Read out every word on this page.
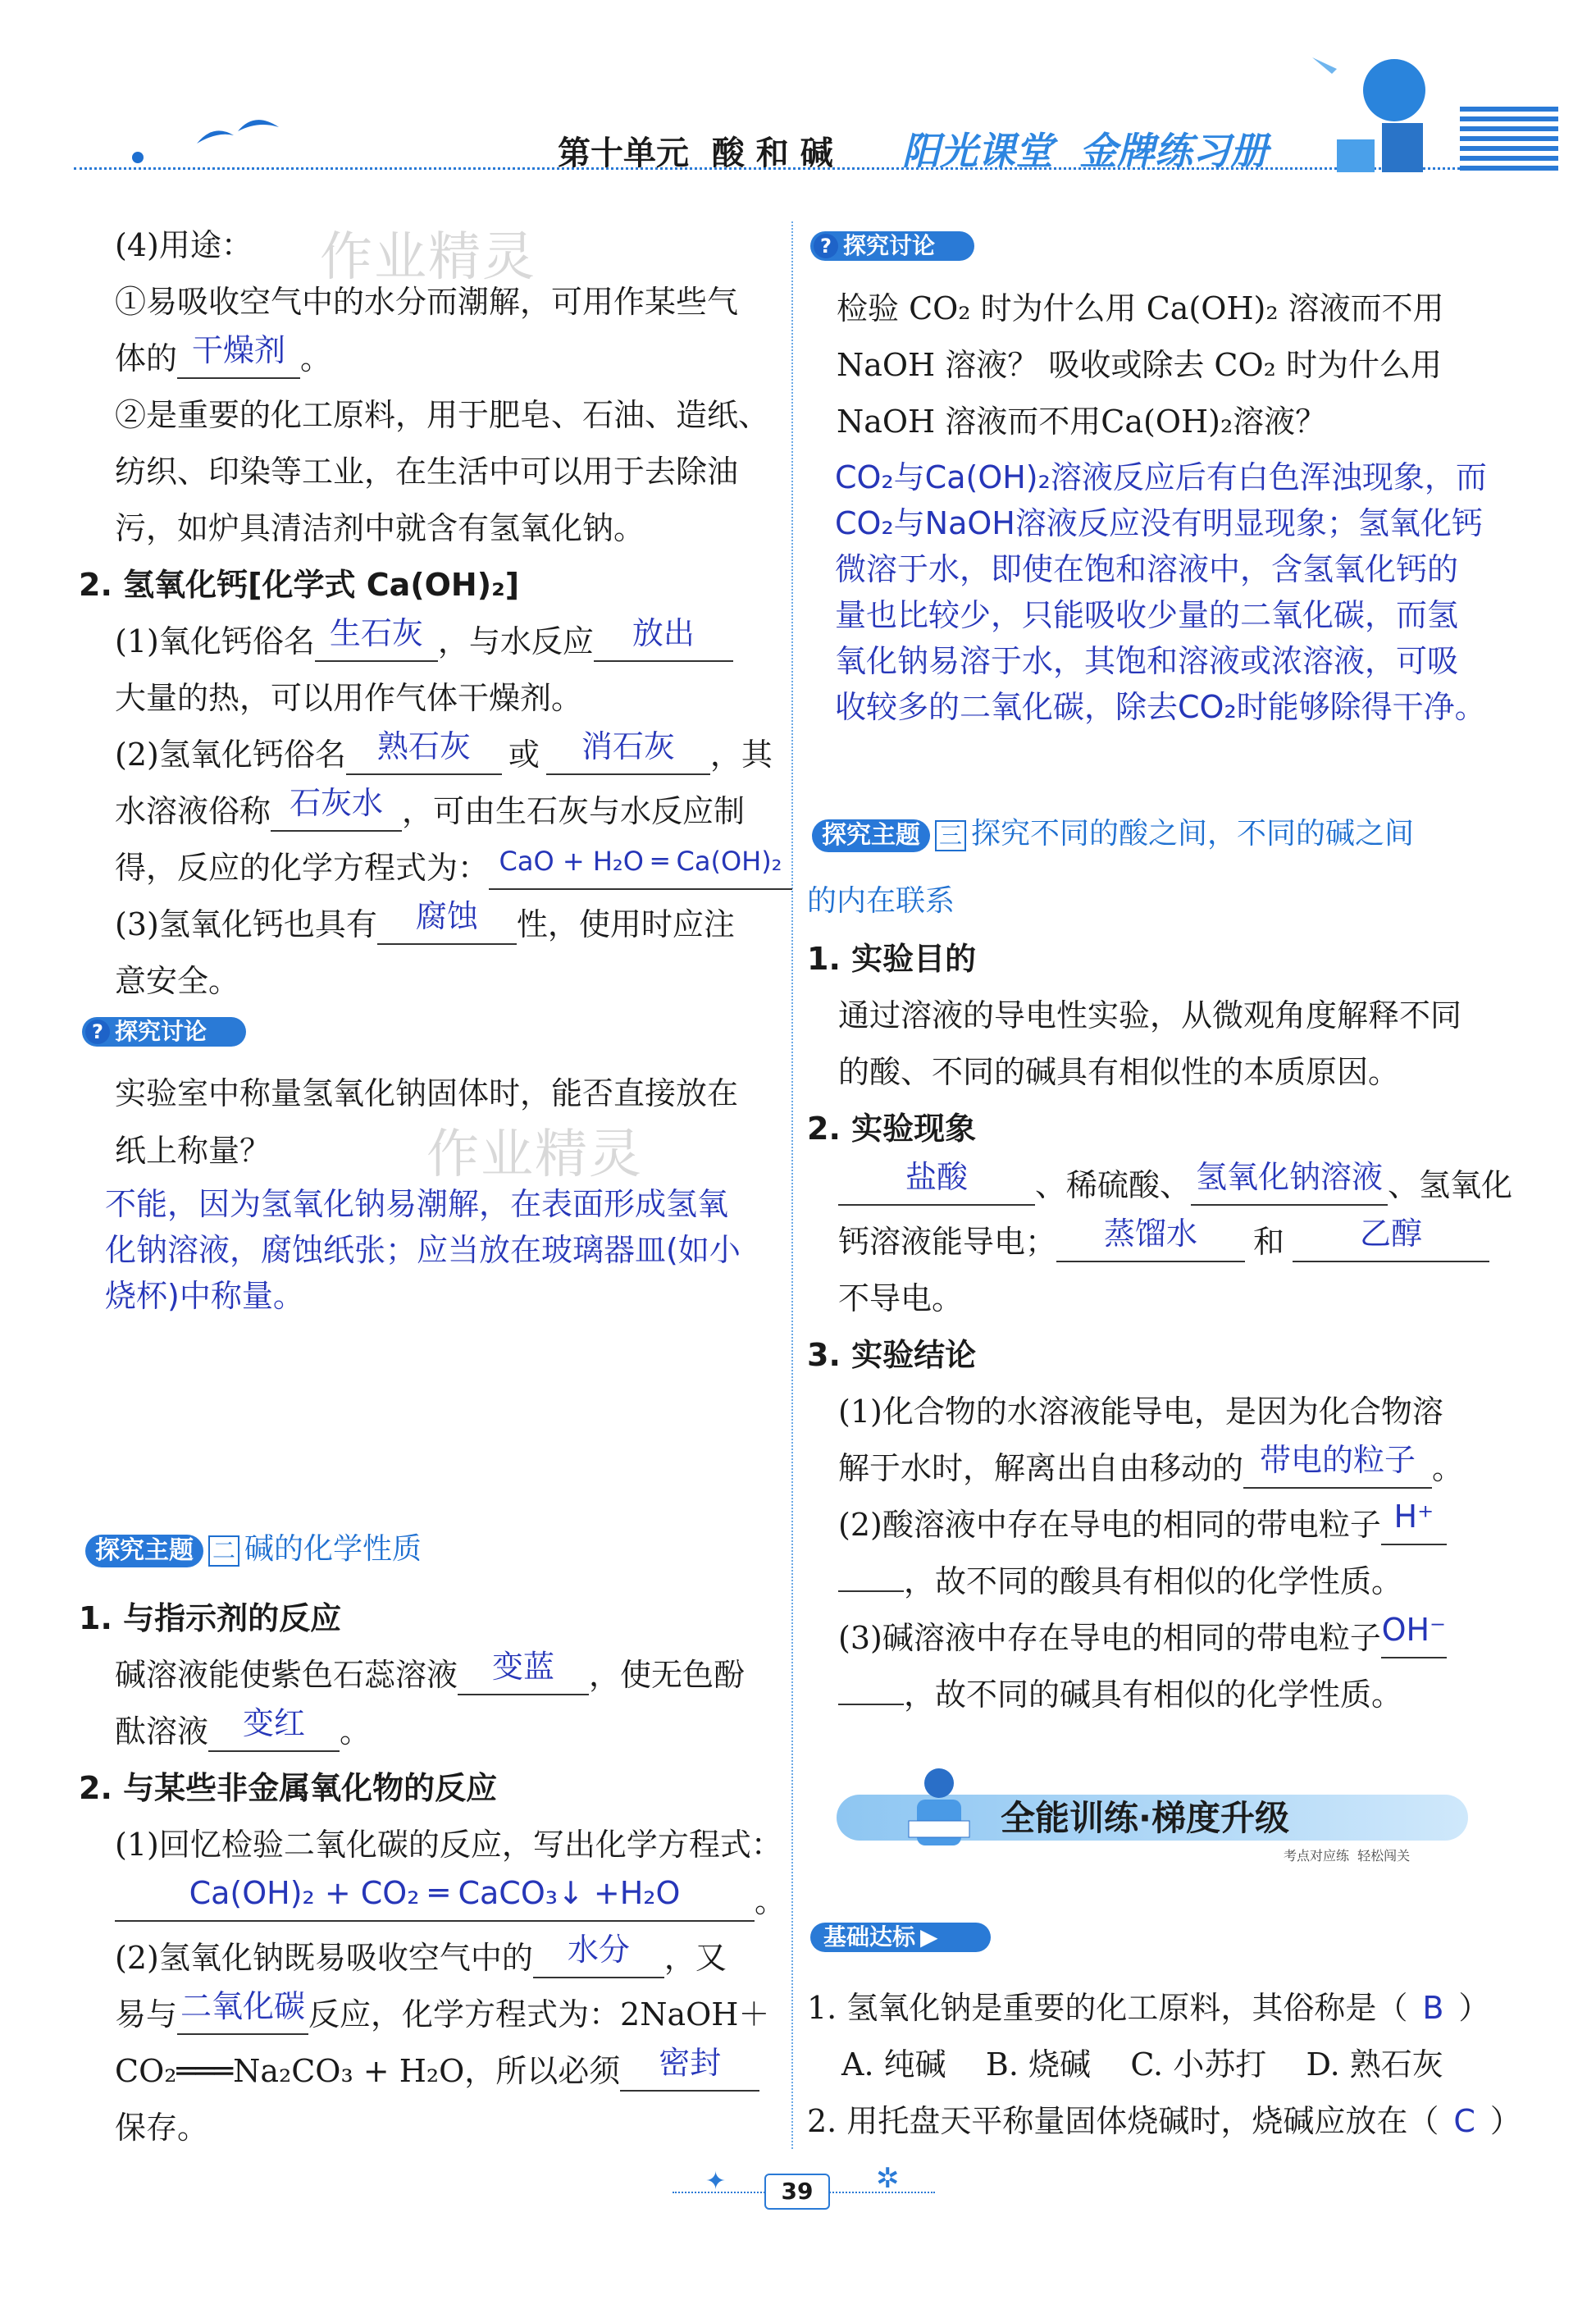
第十单元  酸 和 碱 阳光课堂  金牌练习册
作业精灵
作业精灵
(4)用途：
①易吸收空气中的水分而潮解，可用作某些气
体的 干燥剂 。
②是重要的化工原料，用于肥皂、石油、造纸、
纺织、印染等工业，在生活中可以用于去除油
污，如炉具清洁剂中就含有氢氧化钠。
2. 氢氧化钙[化学式 Ca(OH)₂]
(1)氧化钙俗名 生石灰 ，与水反应 放出
大量的热，可以用作气体干燥剂。
(2)氢氧化钙俗名 熟石灰 或 消石灰 ，其
水溶液俗称 石灰水 ，可由生石灰与水反应制
得，反应的化学方程式为： $^{CaO + H_2O ═ Ca(OH)_2}$
(3)氢氧化钙也具有 腐蚀 性，使用时应注
意安全。
? 探究讨论
实验室中称量氢氧化钠固体时，能否直接放在
纸上称量？
不能，因为氢氧化钠易潮解，在表面形成氢氧
化钠溶液，腐蚀纸张；应当放在玻璃器皿(如小
烧杯)中称量。
探究主题 二 碱的化学性质
1. 与指示剂的反应
碱溶液能使紫色石蕊溶液 变蓝 ，使无色酚
酞溶液 变红 。
2. 与某些非金属氧化物的反应
(1)回忆检验二氧化碳的反应，写出化学方程式：
Ca(OH)₂ + CO₂ ═ CaCO₃↓ +H₂O 。
(2)氢氧化钠既易吸收空气中的 水分 ，又
易与 二氧化碳 反应，化学方程式为：2NaOH＋
CO₂═══Na₂CO₃ + H₂O，所以必须 密封
保存。
? 探究讨论
检验 CO₂ 时为什么用 Ca(OH)₂ 溶液而不用
NaOH 溶液？ 吸收或除去 CO₂ 时为什么用
NaOH 溶液而不用Ca(OH)₂溶液？
CO₂与Ca(OH)₂溶液反应后有白色浑浊现象，而
CO₂与NaOH溶液反应没有明显现象；氢氧化钙
微溶于水，即使在饱和溶液中，含氢氧化钙的
量也比较少，只能吸收少量的二氧化碳，而氢
氧化钠易溶于水，其饱和溶液或浓溶液，可吸
收较多的二氧化碳，除去CO₂时能够除得干净。
探究主题 三 探究不同的酸之间，不同的碱之间
的内在联系
1. 实验目的
通过溶液的导电性实验，从微观角度解释不同
的酸、不同的碱具有相似性的本质原因。
2. 实验现象
盐酸 、稀硫酸、 氢氧化钠溶液 、氢氧化
钙溶液能导电； 蒸馏水 和 乙醇
不导电。
3. 实验结论
(1)化合物的水溶液能导电，是因为化合物溶
解于水时，解离出自由移动的 带电的粒子 。
(2)酸溶液中存在导电的相同的带电粒子 H⁺
，故不同的酸具有相似的化学性质。
(3)碱溶液中存在导电的相同的带电粒子OH⁻
，故不同的碱具有相似的化学性质。
全能训练·梯度升级
考点对应练  轻松闯关
基础达标 ▶
1. 氢氧化钠是重要的化工原料，其俗称是（ B ）
A. 纯碱    B. 烧碱    C. 小苏打    D. 熟石灰
2. 用托盘天平称量固体烧碱时，烧碱应放在（ C ）
✦	✲
39
